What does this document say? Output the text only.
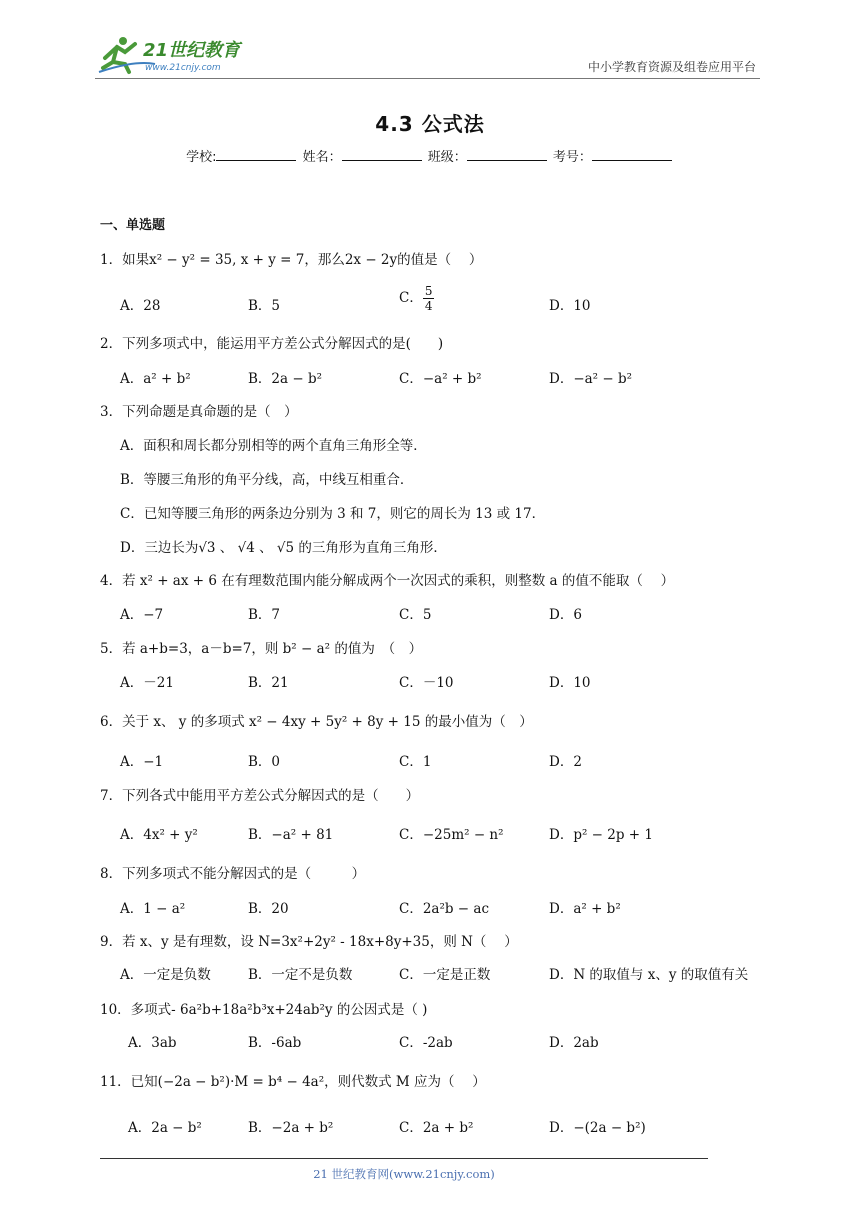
21世纪教育
www.21cnjy.com	中小学教育资源及组卷应用平台
4.3 公式法
学校:	姓名：	班级：	考号：
一、单选题
1．如果x² − y² = 35, x + y = 7，那么2x − 2y的值是（　 ）
A．28	B．5	C． $\frac{5}{4}$	D．10
2．下列多项式中，能运用平方差公式分解因式的是(　　)
A．a² + b²	B．2a − b²	C．−a² + b²	D．−a² − b²
3．下列命题是真命题的是（　）
A．面积和周长都分别相等的两个直角三角形全等．
B．等腰三角形的角平分线，高，中线互相重合．
C．已知等腰三角形的两条边分别为 3 和 7，则它的周长为 13 或 17．
D．三边长为√3 、 √4 、 √5 的三角形为直角三角形．
4．若 x² + ax + 6 在有理数范围内能分解成两个一次因式的乘积，则整数 a 的值不能取（　 ）
A．−7	B．7	C．5	D．6
5．若 a+b=3，a－b=7，则 b² − a² 的值为　（　）
A．－21	B．21	C．－10	D．10
6．关于 x、 y 的多项式 x² − 4xy + 5y² + 8y + 15 的最小值为（　）
A．−1	B．0	C．1	D．2
7．下列各式中能用平方差公式分解因式的是（　　）
A．4x² + y²	B．−a² + 81	C．−25m² − n²	D．p² − 2p + 1
8．下列多项式不能分解因式的是（　　　）
A．1 − a²	B．20	C．2a²b − ac	D．a² + b²
9．若 x、y 是有理数，设 N=3x²+2y² - 18x+8y+35，则 N（　 ）
A．一定是负数	B．一定不是负数	C．一定是正数	D．N 的取值与 x、y 的取值有关
10．多项式- 6a²b+18a²b³x+24ab²y 的公因式是（ )
A．3ab	B．-6ab	C．-2ab	D．2ab
11．已知(−2a − b²)·M = b⁴ − 4a²，则代数式 M 应为（　 ）
A．2a − b²	B．−2a + b²	C．2a + b²	D．−(2a − b²)
21 世纪教育网(www.21cnjy.com)
